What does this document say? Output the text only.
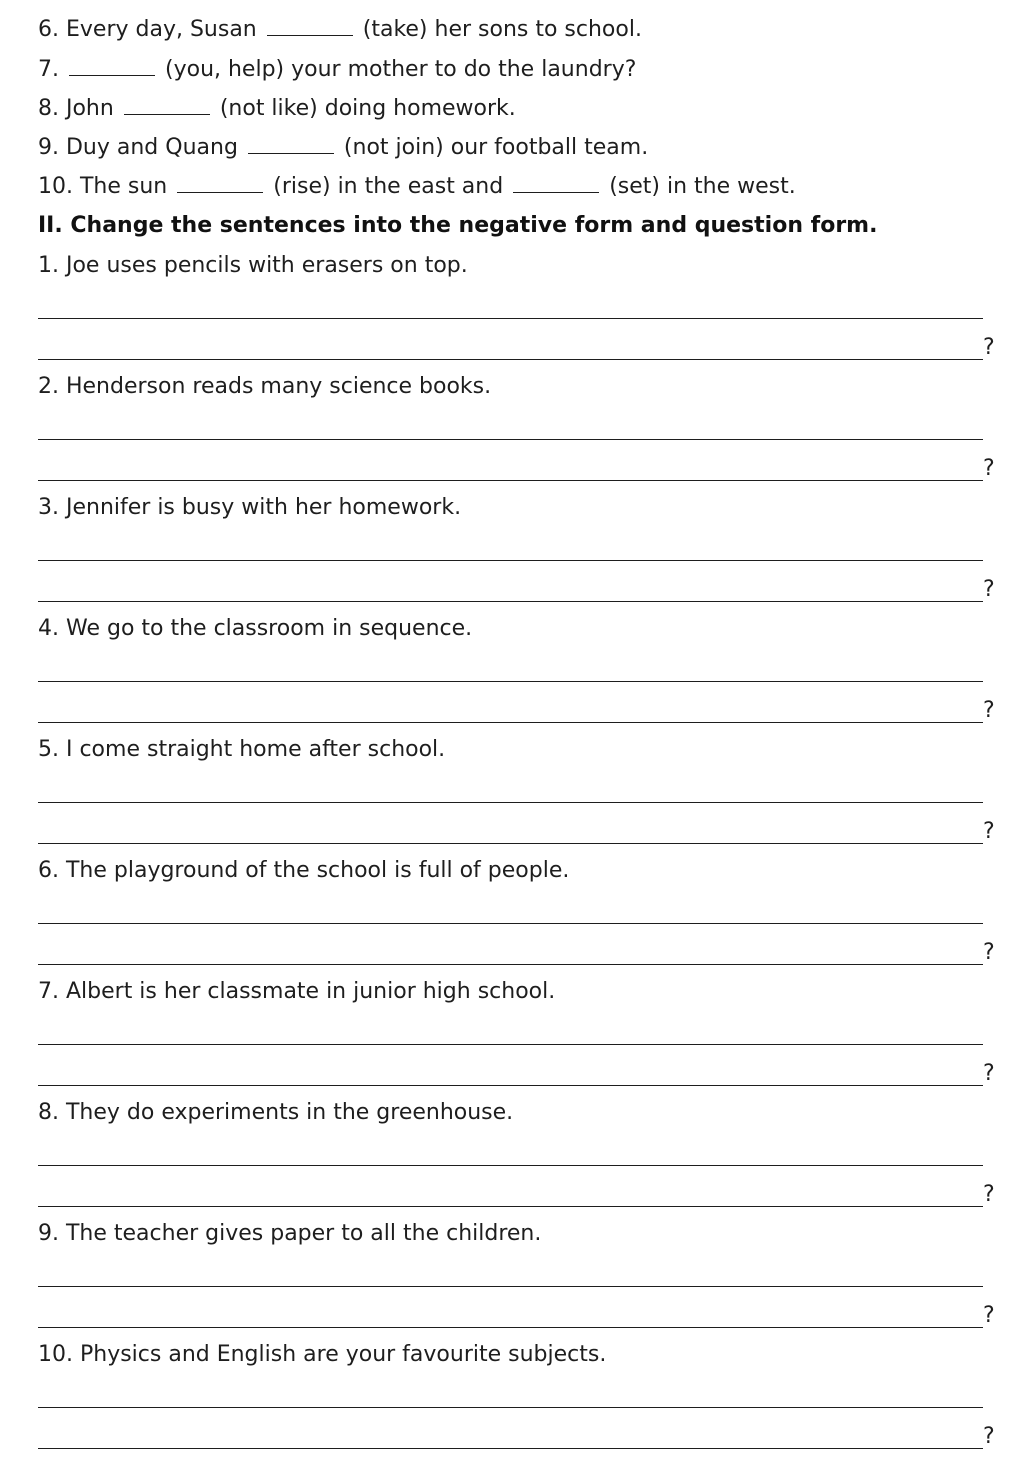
6. Every day, Susan	(take) her sons to school.
7.	(you, help) your mother to do the laundry?
8. John	(not like) doing homework.
9. Duy and Quang	(not join) our football team.
10. The sun	(rise) in the east and	(set) in the west.
II. Change the sentences into the negative form and question form.
1. Joe uses pencils with erasers on top.
?
2. Henderson reads many science books.
?
3. Jennifer is busy with her homework.
?
4. We go to the classroom in sequence.
?
5. I come straight home after school.
?
6. The playground of the school is full of people.
?
7. Albert is her classmate in junior high school.
?
8. They do experiments in the greenhouse.
?
9. The teacher gives paper to all the children.
?
10. Physics and English are your favourite subjects.
?
